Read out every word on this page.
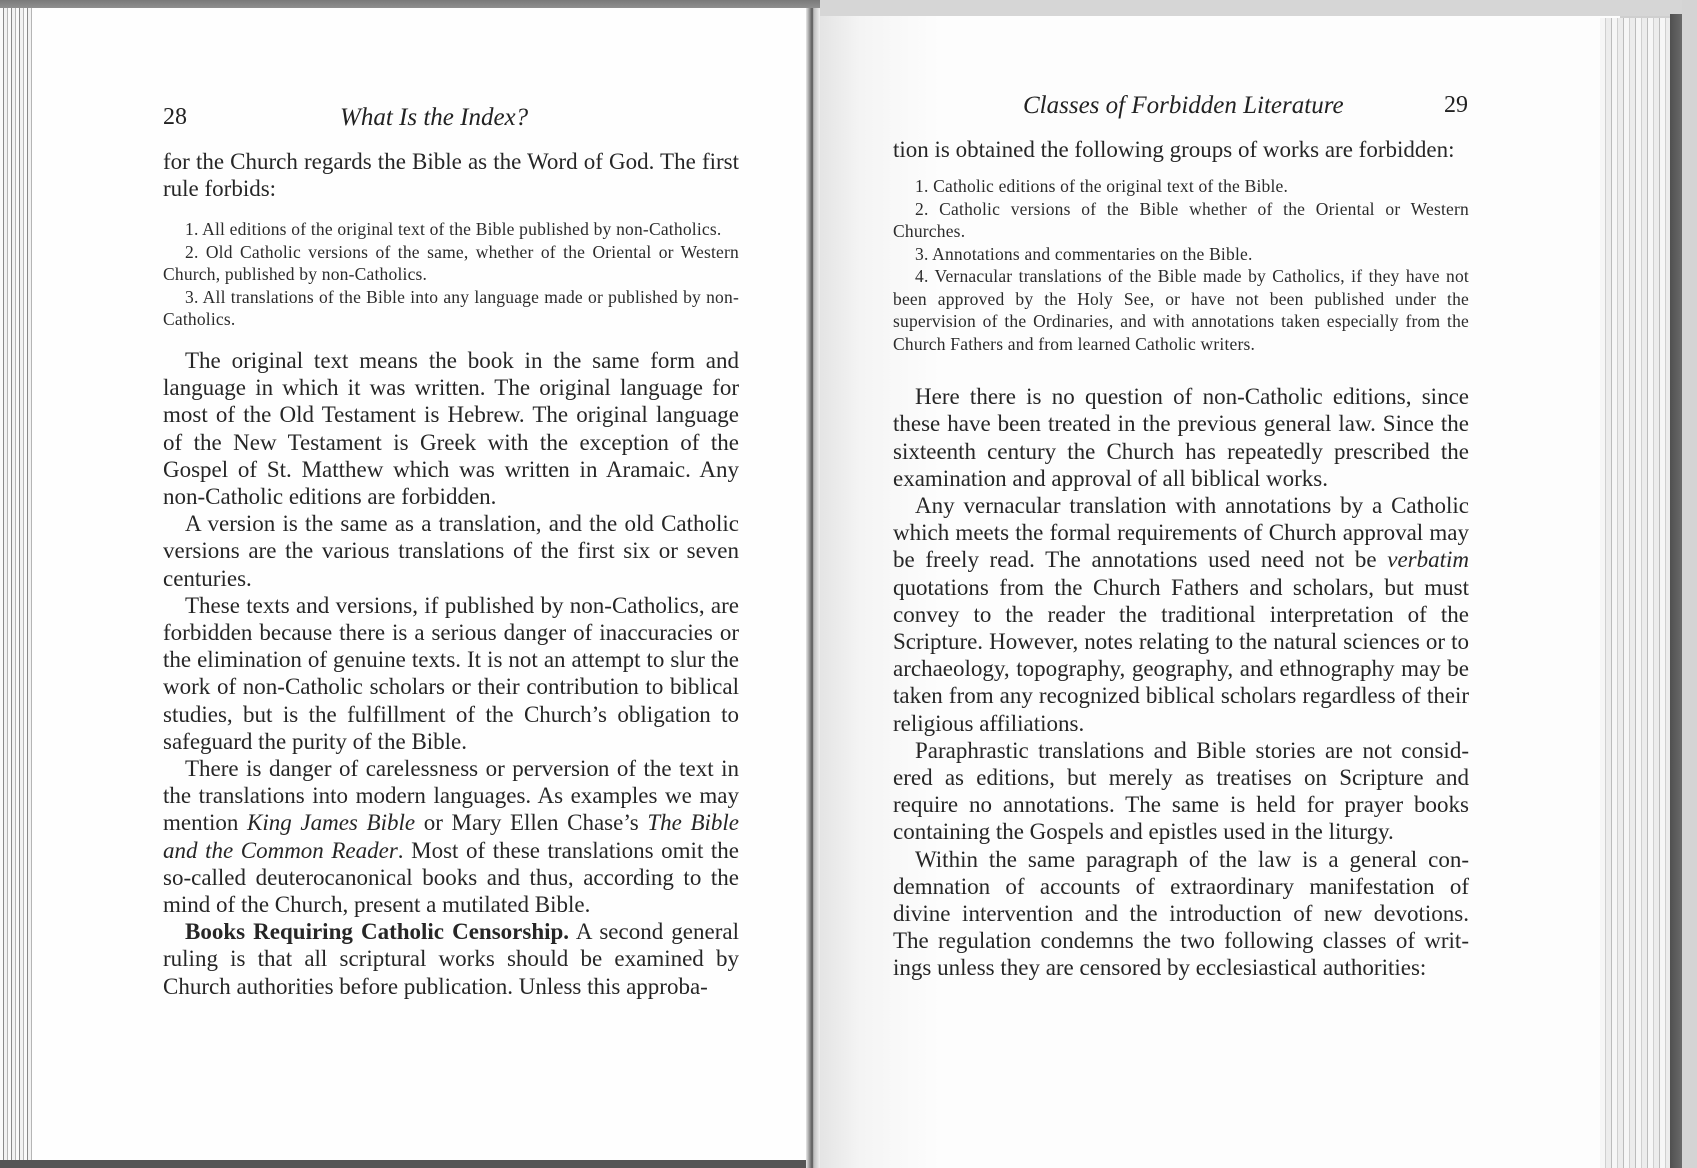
28	What Is the Index?

for the Church regards the Bible as the Word of God. The first rule forbids:

1. All editions of the original text of the Bible published by non-Catholics.

2. Old Catholic versions of the same, whether of the Oriental or Western Church, published by non-Catholics.

3. All translations of the Bible into any language made or published by non-Catholics.

The original text means the book in the same form and language in which it was written. The original language for most of the Old Testament is Hebrew. The original language of the New Testament is Greek with the exception of the Gospel of St. Matthew which was written in Aramaic. Any non-Catholic editions are forbidden.

A version is the same as a translation, and the old Catholic versions are the various translations of the first six or seven centuries.

These texts and versions, if published by non-Catholics, are forbidden because there is a serious danger of inaccuracies or the elimination of genuine texts. It is not an attempt to slur the work of non-Catholic scholars or their contribution to biblical studies, but is the fulfillment of the Church’s obligation to safeguard the purity of the Bible.

There is danger of carelessness or perversion of the text in the translations into modern languages. As examples we may mention King James Bible or Mary Ellen Chase’s The Bible and the Common Reader. Most of these translations omit the so-called deuterocanonical books and thus, according to the mind of the Church, present a mutilated Bible.

Books Requiring Catholic Censorship. A second general ruling is that all scriptural works should be examined by Church authorities before publication. Unless this approba-

Classes of Forbidden Literature	29

tion is obtained the following groups of works are forbidden:

1. Catholic editions of the original text of the Bible.

2. Catholic versions of the Bible whether of the Oriental or Western Churches.

3. Annotations and commentaries on the Bible.

4. Vernacular translations of the Bible made by Catholics, if they have not been approved by the Holy See, or have not been published under the supervision of the Ordinaries, and with annotations taken especially from the Church Fathers and from learned Catholic writers.

Here there is no question of non-Catholic editions, since these have been treated in the previous general law. Since the sixteenth century the Church has repeatedly prescribed the examination and approval of all biblical works.

Any vernacular translation with annotations by a Catholic which meets the formal requirements of Church approval may be freely read. The annotations used need not be verbatim quotations from the Church Fathers and scholars, but must convey to the reader the traditional interpretation of the Scripture. However, notes relating to the natural sciences or to archaeology, topography, geography, and ethnography may be taken from any recognized biblical scholars regardless of their religious affiliations.

Paraphrastic translations and Bible stories are not considered as editions, but merely as treatises on Scripture and require no annotations. The same is held for prayer books containing the Gospels and epistles used in the liturgy.

Within the same paragraph of the law is a general condemnation of accounts of extraordinary manifestation of divine intervention and the introduction of new devotions. The regulation condemns the two following classes of writings unless they are censored by ecclesiastical authorities:
